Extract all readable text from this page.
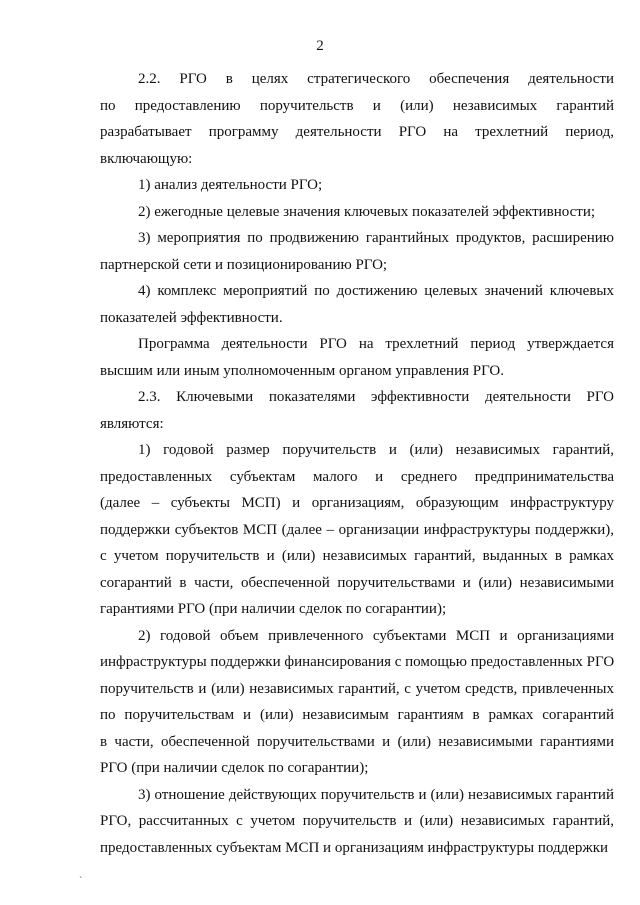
2

2.2. РГО в целях стратегического обеспечения деятельности
по предоставлению поручительств и (или) независимых гарантий
разрабатывает программу деятельности РГО на трехлетний период,
включающую:

1) анализ деятельности РГО;

2) ежегодные целевые значения ключевых показателей эффективности;

3) мероприятия по продвижению гарантийных продуктов, расширению
партнерской сети и позиционированию РГО;

4) комплекс мероприятий по достижению целевых значений ключевых
показателей эффективности.

Программа деятельности РГО на трехлетний период утверждается
высшим или иным уполномоченным органом управления РГО.

2.3. Ключевыми показателями эффективности деятельности РГО
являются:

1) годовой размер поручительств и (или) независимых гарантий,
предоставленных субъектам малого и среднего предпринимательства
(далее – субъекты МСП) и организациям, образующим инфраструктуру
поддержки субъектов МСП (далее – организации инфраструктуры поддержки),
с учетом поручительств и (или) независимых гарантий, выданных в рамках
согарантий в части, обеспеченной поручительствами и (или) независимыми
гарантиями РГО (при наличии сделок по согарантии);

2) годовой объем привлеченного субъектами МСП и организациями
инфраструктуры поддержки финансирования с помощью предоставленных РГО
поручительств и (или) независимых гарантий, с учетом средств, привлеченных
по поручительствам и (или) независимым гарантиям в рамках согарантий
в части, обеспеченной поручительствами и (или) независимыми гарантиями
РГО (при наличии сделок по согарантии);

3) отношение действующих поручительств и (или) независимых гарантий
РГО, рассчитанных с учетом поручительств и (или) независимых гарантий,
предоставленных субъектам МСП и организациям инфраструктуры поддержки

`
